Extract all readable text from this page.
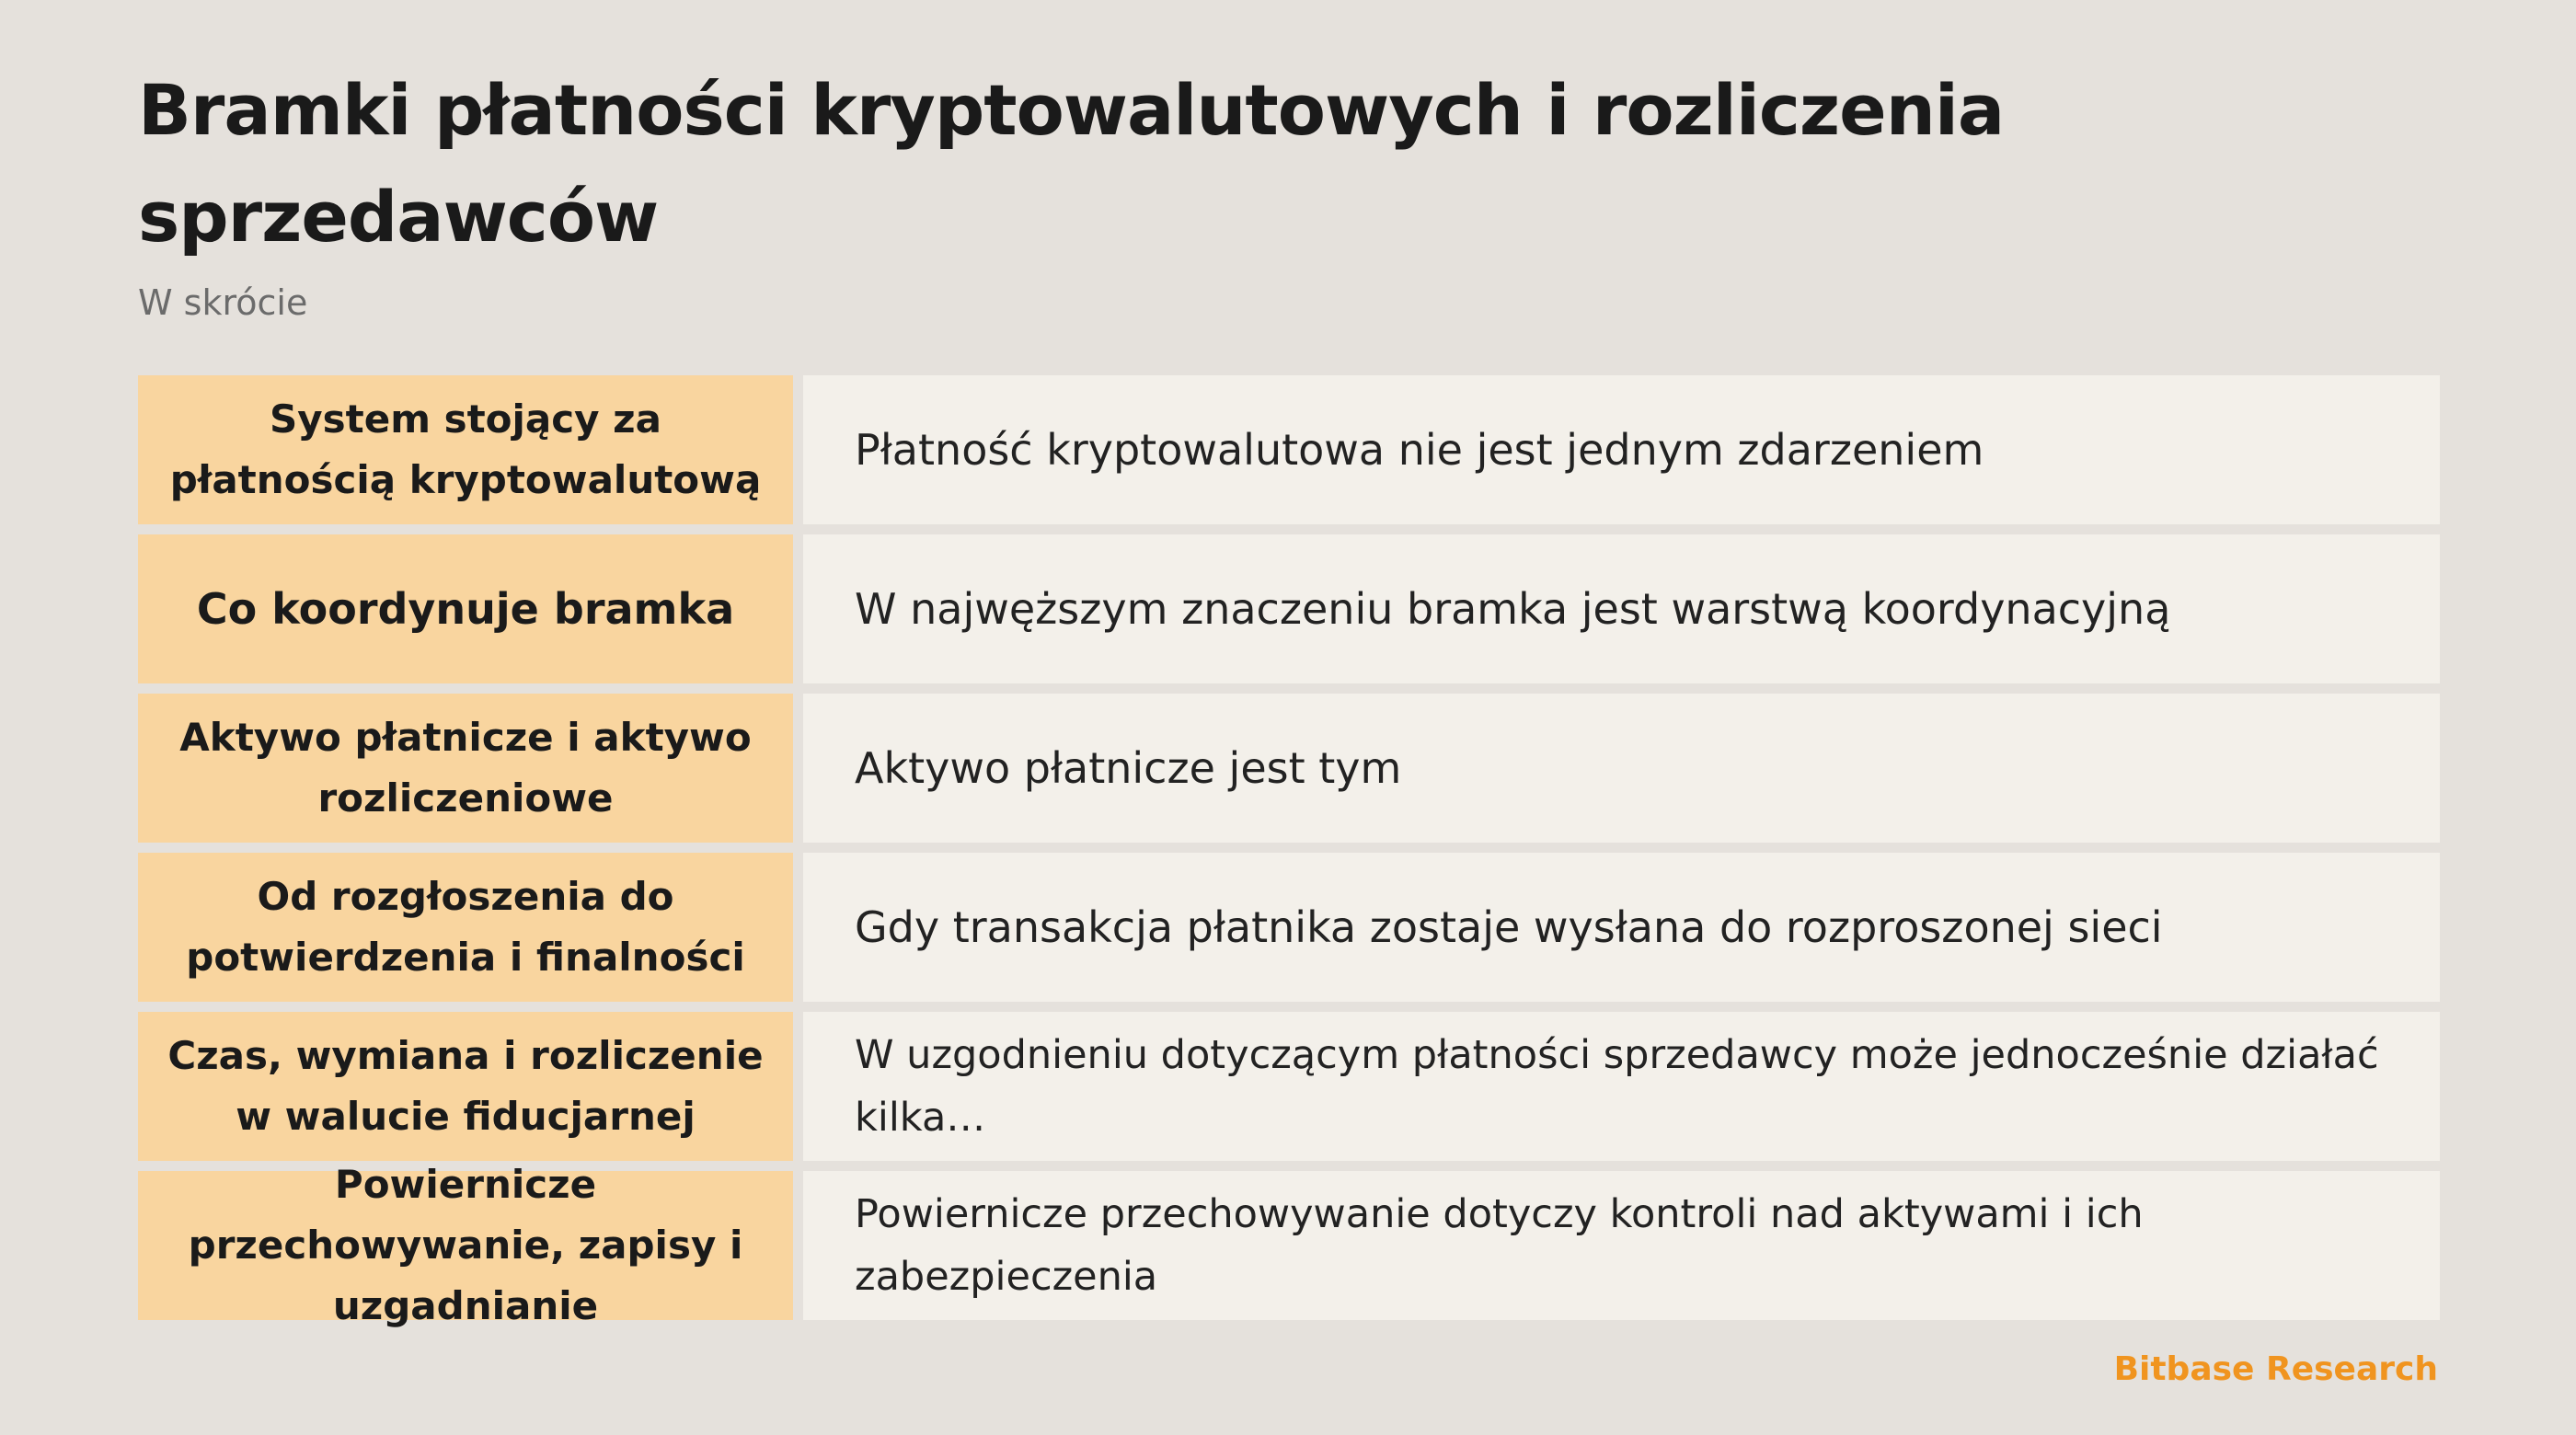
Bramki płatności kryptowalutowych i rozliczenia sprzedawców
W skrócie
System stojący za płatnością kryptowalutową
Płatność kryptowalutowa nie jest jednym zdarzeniem
Co koordynuje bramka	W najwęższym znaczeniu bramka jest warstwą koordynacyjną
Aktywo płatnicze i aktywo rozliczeniowe
Aktywo płatnicze jest tym
Od rozgłoszenia do potwierdzenia i finalności
Gdy transakcja płatnika zostaje wysłana do rozproszonej sieci
Czas, wymiana i rozliczenie w walucie fiducjarnej
W uzgodnieniu dotyczącym płatności sprzedawcy może jednocześnie działać kilka…
Powiernicze przechowywanie, zapisy i uzgadnianie
Powiernicze przechowywanie dotyczy kontroli nad aktywami i ich zabezpieczenia
Bitbase Research
